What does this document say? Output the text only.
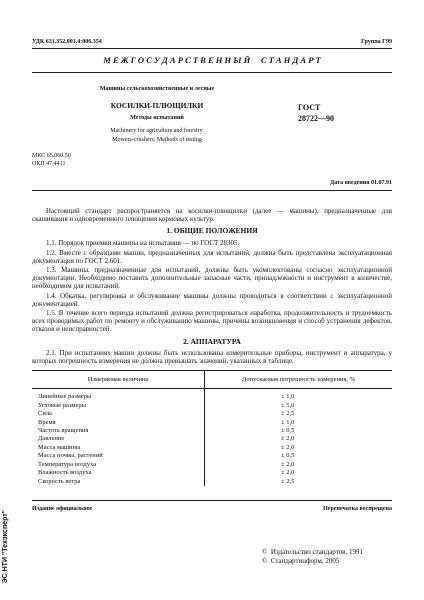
УДК 631.352.001.4:006.354	Группа Г99
М Е Ж Г О С У Д А Р С Т В Е Н Н Ы Й     С Т А Н Д А Р Т
Машины сельскохозяйственные и лесные
КОСИЛКИ-ПЛЮЩИЛКИ
Методы испытаний
Machinery for agriculture and forestry.
Mowers-crushers. Methods of testing
ГОСТ
28722—90
МКС 65.060.50
ОКП 47 4411
Дата введения 01.07.91

Настоящий стандарт распространяется на косилки-плющилки (далее — машины), предназначенные для скашивания и одновременного плющения кормовых культур.

1. ОБЩИЕ ПОЛОЖЕНИЯ

1.1. Порядок приемки машины на испытания — по ГОСТ 28305.

1.2. Вместе с образцами машин, предназначенных для испытаний, должна быть представлена эксплуатационная документация по ГОСТ 2.601.

1.3. Машины, предназначенные для испытаний, должны быть укомплектованы согласно эксплуатационной документации. Необходимо поставить дополнительные запасные части, принадлежности и инструмент в количестве, необходимом для испытаний.

1.4. Обкатка, регулировка и обслуживание машины должны проводиться в соответствии с эксплуатационной документацией.

1.5. В течение всего периода испытаний должна регистрироваться наработка, продолжительность и трудоемкость всех проводимых работ по ремонту и обслуживанию машины, причины возникновения и способ устранения дефектов, отказов и неисправностей.

2. АППАРАТУРА

2.1. При испытаниях машин должны быть использованы измерительные приборы, инструмент и аппаратура, у которых погрешность измерения не должна превышать значений, указанных в таблице.

Измеряемая величина	Допускаемая погрешность измерения, %
Линейные размеры	± 1,0
Угловые размеры	± 5,0
Сила	± 2,5
Время	± 1,0
Частота вращения	± 0,5
Давление	± 2,0
Масса машины	± 2,0
Масса почвы, растений	± 0,5
Температура воздуха	± 2,0
Влажность воздуха	± 2,0
Скорость ветра	± 2,5
Издание официальное	Перепечатка воспрещена
©  Издательство стандартов, 1991
©  Стандартинформ, 2005
ЭС НТИ "Техэксперт"
